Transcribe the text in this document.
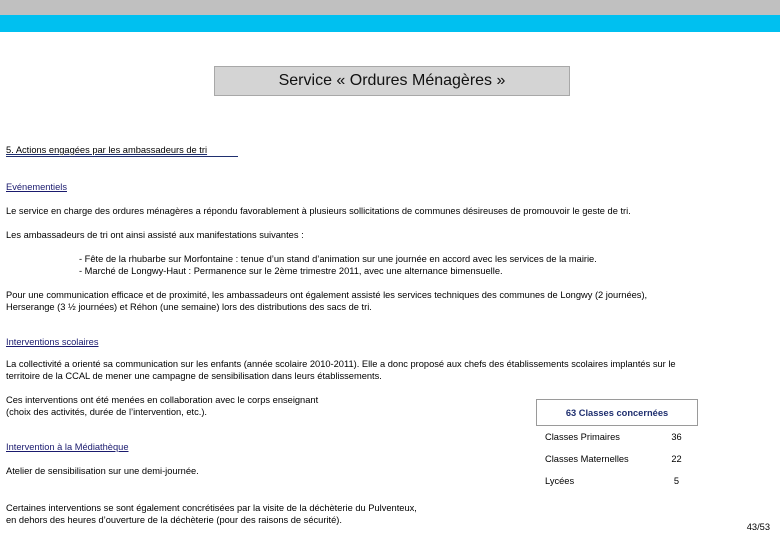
Service « Ordures Ménagères »
5. Actions engagées par les ambassadeurs de tri
Evénementiels
Le service en charge des ordures ménagères a répondu favorablement à plusieurs sollicitations de communes désireuses de promouvoir le geste de tri.
Les ambassadeurs de tri ont ainsi assisté aux manifestations suivantes :
- Fête de la rhubarbe sur Morfontaine : tenue d’un stand d’animation sur une journée en accord avec les services de la mairie.
- Marché de Longwy-Haut : Permanence sur le 2ème trimestre 2011, avec une alternance bimensuelle.
Pour une communication efficace et de proximité, les ambassadeurs ont également assisté les services techniques des communes de Longwy (2 journées),
Herserange (3 ½ journées) et Réhon (une semaine) lors des distributions des sacs de tri.
Interventions scolaires
La collectivité a orienté sa communication sur les enfants (année scolaire 2010-2011). Elle a donc proposé aux chefs des établissements scolaires implantés sur le
territoire de la CCAL de mener une campagne de sensibilisation dans leurs établissements.
Ces interventions ont été menées en collaboration avec le corps enseignant
(choix des activités, durée de l’intervention, etc.).
Intervention à la Médiathèque
Atelier de sensibilisation sur une demi-journée.
Certaines interventions se sont également concrétisées par la visite de la déchèterie du Pulventeux,
en dehors des heures d’ouverture de la déchèterie (pour des raisons de sécurité).
63 Classes concernées
Classes Primaires	36
Classes Maternelles	22
Lycées	5
43/53
